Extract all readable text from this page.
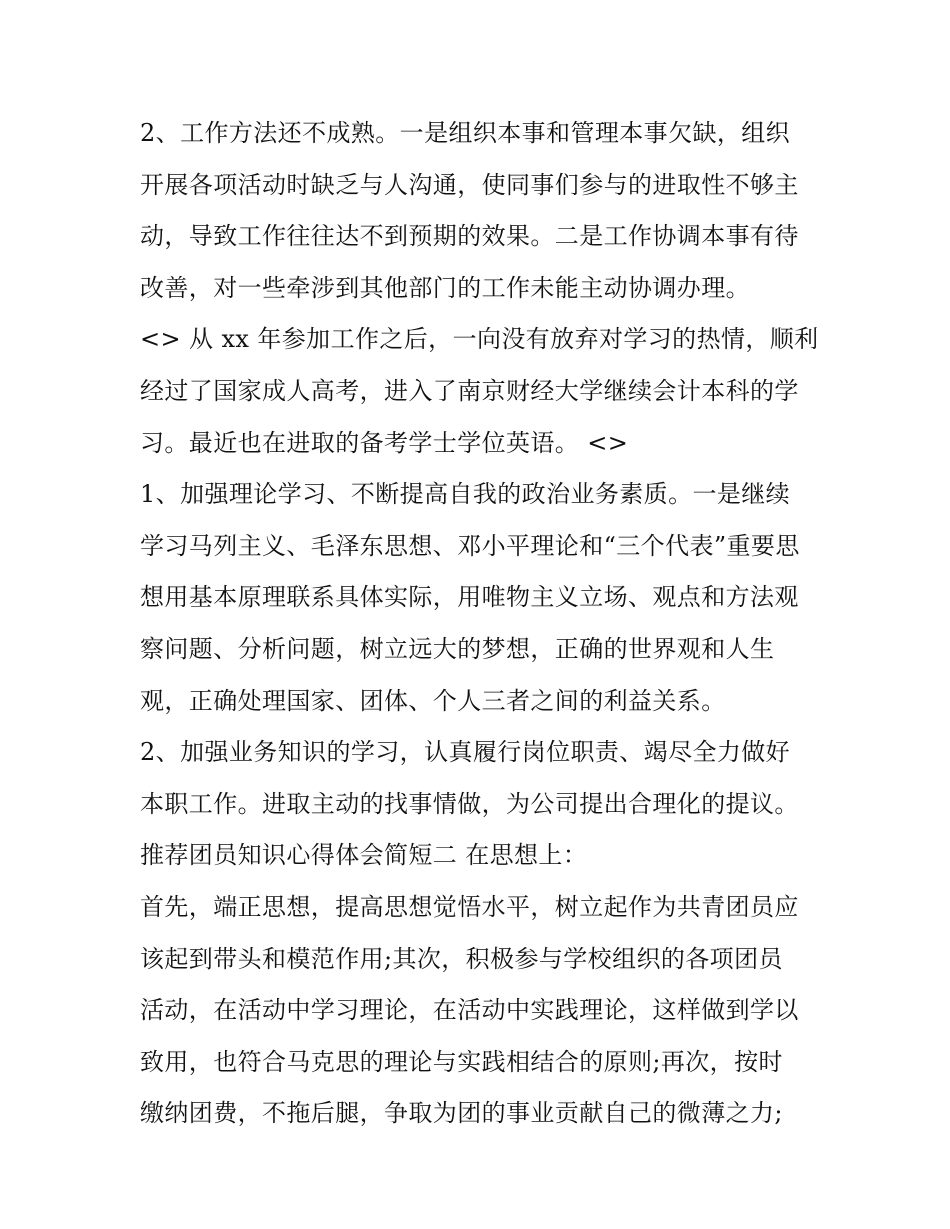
2、工作方法还不成熟。一是组织本事和管理本事欠缺，组织
开展各项活动时缺乏与人沟通，使同事们参与的进取性不够主
动，导致工作往往达不到预期的效果。二是工作协调本事有待
改善，对一些牵涉到其他部门的工作未能主动协调办理。
<> 从 xx 年参加工作之后，一向没有放弃对学习的热情，顺利
经过了国家成人高考，进入了南京财经大学继续会计本科的学
习。最近也在进取的备考学士学位英语。 <>
1、加强理论学习、不断提高自我的政治业务素质。一是继续
学习马列主义、毛泽东思想、邓小平理论和“三个代表”重要思
想用基本原理联系具体实际，用唯物主义立场、观点和方法观
察问题、分析问题，树立远大的梦想，正确的世界观和人生
观，正确处理国家、团体、个人三者之间的利益关系。
2、加强业务知识的学习，认真履行岗位职责、竭尽全力做好
本职工作。进取主动的找事情做，为公司提出合理化的提议。
推荐团员知识心得体会简短二 在思想上：
首先，端正思想，提高思想觉悟水平，树立起作为共青团员应
该起到带头和模范作用;其次，积极参与学校组织的各项团员
活动，在活动中学习理论，在活动中实践理论，这样做到学以
致用，也符合马克思的理论与实践相结合的原则;再次，按时
缴纳团费，不拖后腿，争取为团的事业贡献自己的微薄之力;
